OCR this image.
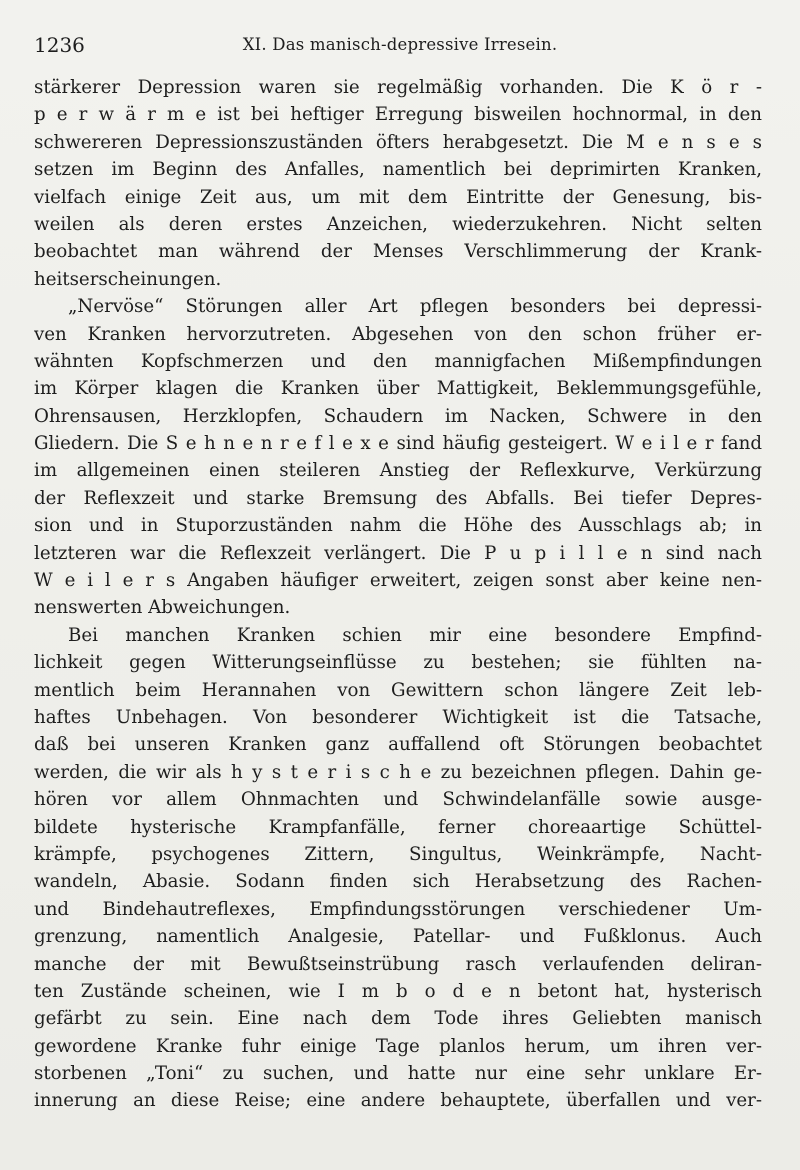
1236	XI. Das manisch-depressive Irresein.
stärkerer Depression waren sie regelmäßig vorhanden. Die K ö r -
p e r w ä r m e ist bei heftiger Erregung bisweilen hochnormal, in den
schwereren Depressionszuständen öfters herabgesetzt. Die M e n s e s
setzen im Beginn des Anfalles, namentlich bei deprimirten Kranken,
vielfach einige Zeit aus, um mit dem Eintritte der Genesung, bis-
weilen als deren erstes Anzeichen, wiederzukehren. Nicht selten
beobachtet man während der Menses Verschlimmerung der Krank-
heitserscheinungen.
„Nervöse“ Störungen aller Art pflegen besonders bei depressi-
ven Kranken hervorzutreten. Abgesehen von den schon früher er-
wähnten Kopfschmerzen und den mannigfachen Mißempfindungen
im Körper klagen die Kranken über Mattigkeit, Beklemmungsgefühle,
Ohrensausen, Herzklopfen, Schaudern im Nacken, Schwere in den
Gliedern. Die S e h n e n r e f l e x e sind häufig gesteigert. W e i l e r fand
im allgemeinen einen steileren Anstieg der Reflexkurve, Verkürzung
der Reflexzeit und starke Bremsung des Abfalls. Bei tiefer Depres-
sion und in Stuporzuständen nahm die Höhe des Ausschlags ab; in
letzteren war die Reflexzeit verlängert. Die P u p i l l e n sind nach
W e i l e r s Angaben häufiger erweitert, zeigen sonst aber keine nen-
nenswerten Abweichungen.
Bei manchen Kranken schien mir eine besondere Empfind-
lichkeit gegen Witterungseinflüsse zu bestehen; sie fühlten na-
mentlich beim Herannahen von Gewittern schon längere Zeit leb-
haftes Unbehagen. Von besonderer Wichtigkeit ist die Tatsache,
daß bei unseren Kranken ganz auffallend oft Störungen beobachtet
werden, die wir als h y s t e r i s c h e zu bezeichnen pflegen. Dahin ge-
hören vor allem Ohnmachten und Schwindelanfälle sowie ausge-
bildete hysterische Krampfanfälle, ferner choreaartige Schüttel-
krämpfe, psychogenes Zittern, Singultus, Weinkrämpfe, Nacht-
wandeln, Abasie. Sodann finden sich Herabsetzung des Rachen-
und Bindehautreflexes, Empfindungsstörungen verschiedener Um-
grenzung, namentlich Analgesie, Patellar- und Fußklonus. Auch
manche der mit Bewußtseinstrübung rasch verlaufenden deliran-
ten Zustände scheinen, wie I m b o d e n betont hat, hysterisch
gefärbt zu sein. Eine nach dem Tode ihres Geliebten manisch
gewordene Kranke fuhr einige Tage planlos herum, um ihren ver-
storbenen „Toni“ zu suchen, und hatte nur eine sehr unklare Er-
innerung an diese Reise; eine andere behauptete, überfallen und ver-
